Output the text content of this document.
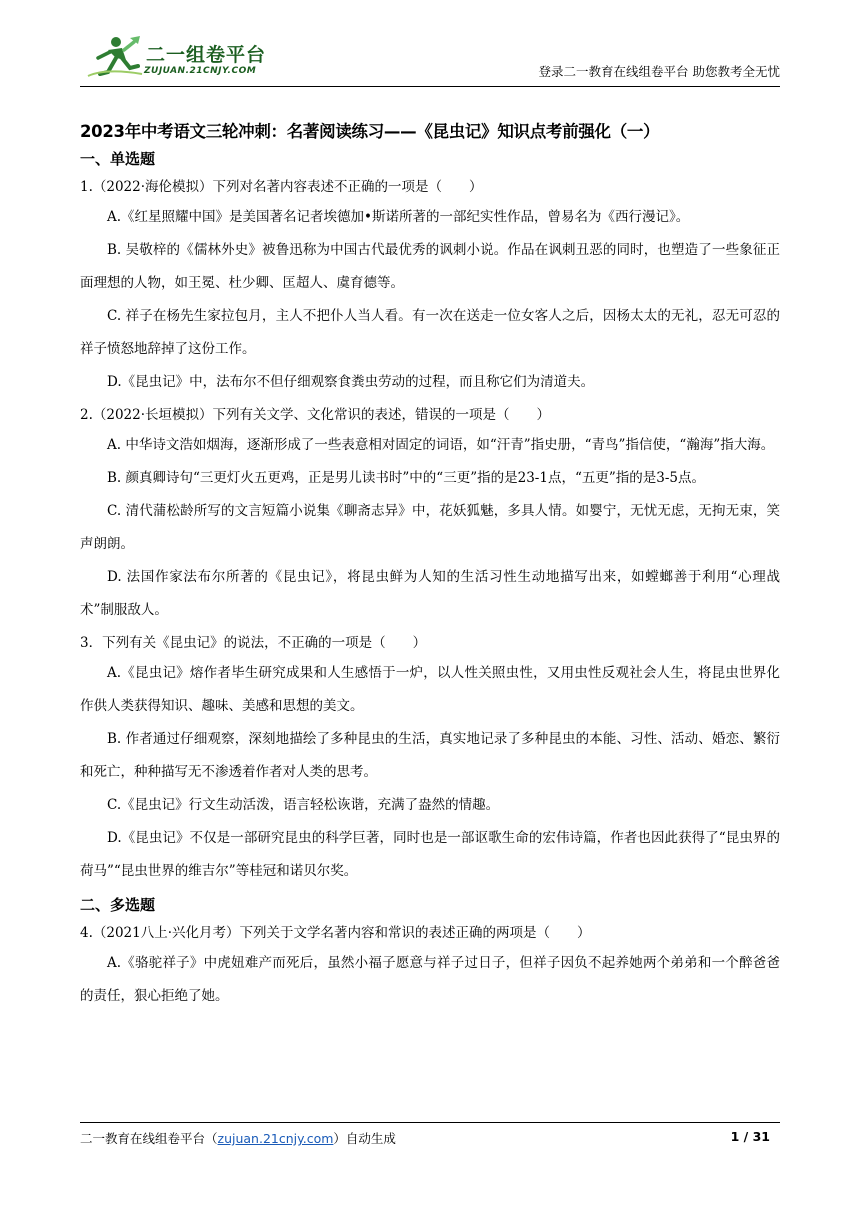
二一组卷平台
ZUJUAN.21CNJY.COM	登录二一教育在线组卷平台 助您教考全无忧
2023年中考语文三轮冲刺：名著阅读练习——《昆虫记》知识点考前强化（一）
一、单选题

1.（2022·海伦模拟）下列对名著内容表述不正确的一项是（　　）

A.《红星照耀中国》是美国著名记者埃德加•斯诺所著的一部纪实性作品，曾易名为《西行漫记》。

B. 吴敬梓的《儒林外史》被鲁迅称为中国古代最优秀的讽刺小说。作品在讽刺丑恶的同时，也塑造了一些象征正面理想的人物，如王冕、杜少卿、匡超人、虞育德等。

C. 祥子在杨先生家拉包月，主人不把仆人当人看。有一次在送走一位女客人之后，因杨太太的无礼，忍无可忍的祥子愤怒地辞掉了这份工作。

D.《昆虫记》中，法布尔不但仔细观察食粪虫劳动的过程，而且称它们为清道夫。

2.（2022·长垣模拟）下列有关文学、文化常识的表述，错误的一项是（　　）

A. 中华诗文浩如烟海，逐渐形成了一些表意相对固定的词语，如“汗青”指史册，“青鸟”指信使，“瀚海”指大海。

B. 颜真卿诗句“三更灯火五更鸡，正是男儿读书时”中的“三更”指的是23-1点，“五更”指的是3-5点。

C. 清代蒲松龄所写的文言短篇小说集《聊斋志异》中，花妖狐魅，多具人情。如婴宁，无忧无虑，无拘无束，笑声朗朗。

D. 法国作家法布尔所著的《昆虫记》，将昆虫鲜为人知的生活习性生动地描写出来，如螳螂善于利用“心理战术”制服敌人。

3．下列有关《昆虫记》的说法，不正确的一项是（　　）

A.《昆虫记》熔作者毕生研究成果和人生感悟于一炉，以人性关照虫性，又用虫性反观社会人生，将昆虫世界化作供人类获得知识、趣味、美感和思想的美文。

B. 作者通过仔细观察，深刻地描绘了多种昆虫的生活，真实地记录了多种昆虫的本能、习性、活动、婚恋、繁衍和死亡，种种描写无不渗透着作者对人类的思考。

C.《昆虫记》行文生动活泼，语言轻松诙谐，充满了盎然的情趣。

D.《昆虫记》不仅是一部研究昆虫的科学巨著，同时也是一部讴歌生命的宏伟诗篇，作者也因此获得了“昆虫界的荷马”“昆虫世界的维吉尔”等桂冠和诺贝尔奖。

二、多选题

4.（2021八上·兴化月考）下列关于文学名著内容和常识的表述正确的两项是（　　）

A.《骆驼祥子》中虎妞难产而死后，虽然小福子愿意与祥子过日子，但祥子因负不起养她两个弟弟和一个醉爸爸的责任，狠心拒绝了她。

二一教育在线组卷平台（zujuan.21cnjy.com）自动生成	1 / 31
